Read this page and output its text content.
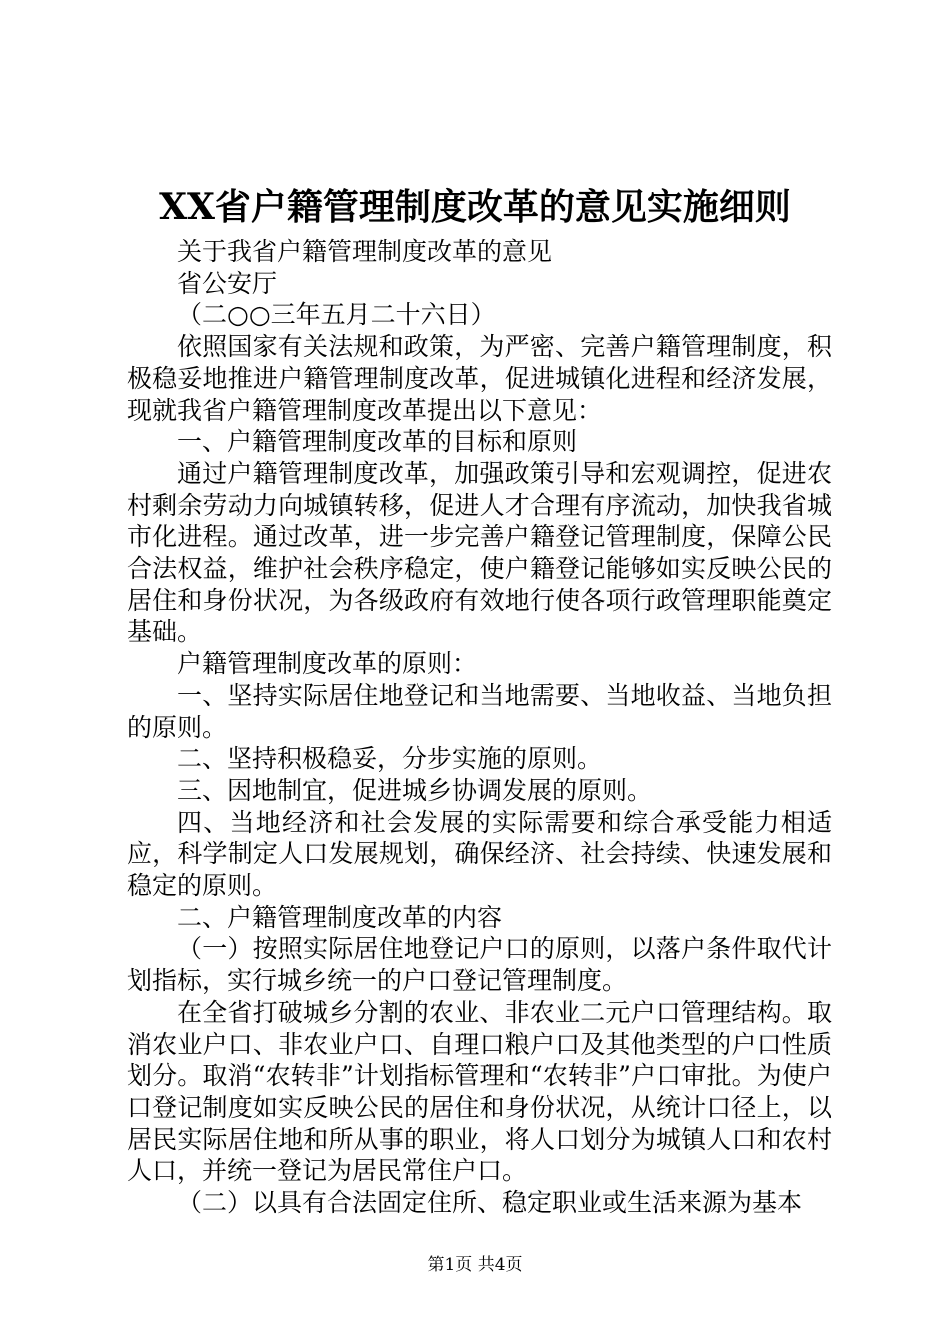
XX省户籍管理制度改革的意见实施细则

关于我省户籍管理制度改革的意见

省公安厅

（二○○三年五月二十六日）

依照国家有关法规和政策，为严密、完善户籍管理制度，积极稳妥地推进户籍管理制度改革，促进城镇化进程和经济发展，现就我省户籍管理制度改革提出以下意见：

一、户籍管理制度改革的目标和原则

通过户籍管理制度改革，加强政策引导和宏观调控，促进农村剩余劳动力向城镇转移，促进人才合理有序流动，加快我省城市化进程。通过改革，进一步完善户籍登记管理制度，保障公民合法权益，维护社会秩序稳定，使户籍登记能够如实反映公民的居住和身份状况，为各级政府有效地行使各项行政管理职能奠定基础。

户籍管理制度改革的原则：

一、坚持实际居住地登记和当地需要、当地收益、当地负担的原则。

二、坚持积极稳妥，分步实施的原则。

三、因地制宜，促进城乡协调发展的原则。

四、当地经济和社会发展的实际需要和综合承受能力相适应，科学制定人口发展规划，确保经济、社会持续、快速发展和稳定的原则。

二、户籍管理制度改革的内容

（一）按照实际居住地登记户口的原则，以落户条件取代计划指标，实行城乡统一的户口登记管理制度。

在全省打破城乡分割的农业、非农业二元户口管理结构。取消农业户口、非农业户口、自理口粮户口及其他类型的户口性质划分。取消“农转非”计划指标管理和“农转非”户口审批。为使户口登记制度如实反映公民的居住和身份状况，从统计口径上，以居民实际居住地和所从事的职业，将人口划分为城镇人口和农村人口，并统一登记为居民常住户口。

（二）以具有合法固定住所、稳定职业或生活来源为基本

第1页 共4页
